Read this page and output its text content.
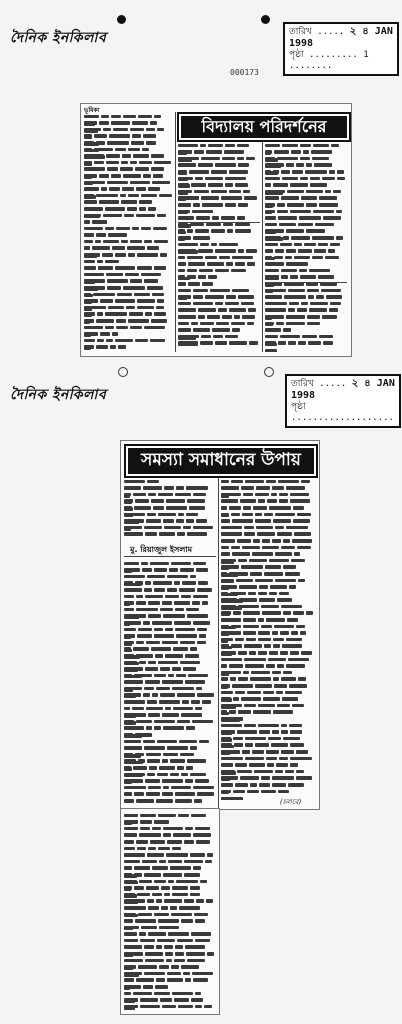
দৈনিক ইনকিলাব	তারিখ ..... ২ ৪ JAN 1998
পৃষ্ঠা ......... 1 ........
000173
বিদ্যালয় পরিদর্শনের
ভূমিকা
দৈনিক ইনকিলাব
তারিখ ..... ২ ৪ JAN 1998
পৃষ্ঠা ...................
সমস্যা সমাধানের উপায়
মু. রিয়াজুল ইসলাম
(চলবে)
